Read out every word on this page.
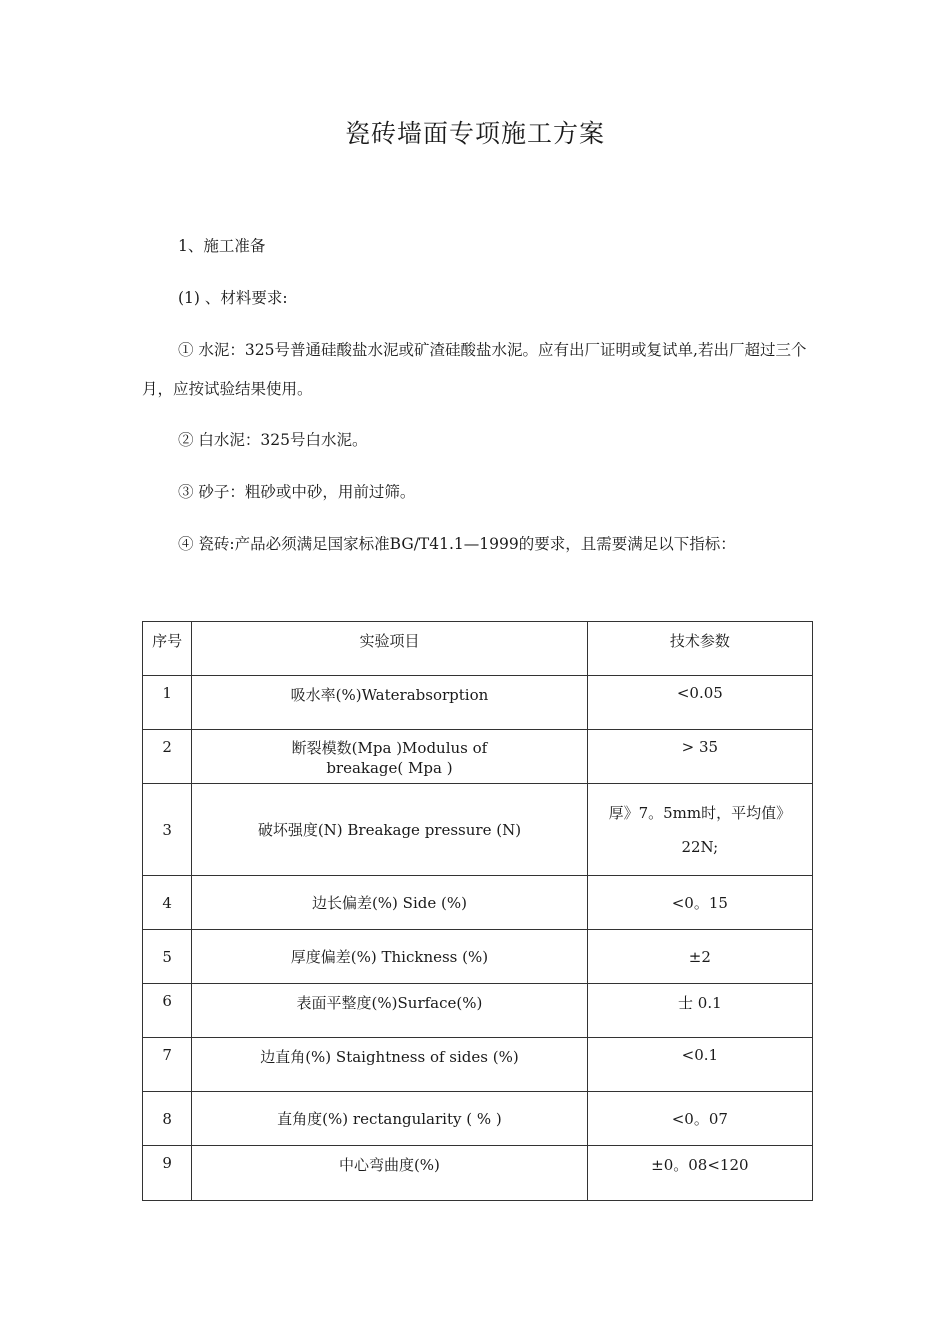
瓷砖墙面专项施工方案
1、施工准备
(1) 、材料要求:
① 水泥：325号普通硅酸盐水泥或矿渣硅酸盐水泥。应有出厂证明或复试单,若出厂超过三个月，应按试验结果使用。
② 白水泥：325号白水泥。
③ 砂子：粗砂或中砂，用前过筛。
④ 瓷砖:产品必须满足国家标准BG/T41.1—1999的要求，且需要满足以下指标：
序号	实验项目	技术参数
1	吸水率(%)Waterabsorption	<0.05
2	断裂模数(Mpa )Modulus of breakage( Mpa )	> 35
3	破坏强度(N) Breakage pressure (N)	厚》7。5mm时，平均值》22N;
4	边长偏差(%) Side (%)	<0。15
5	厚度偏差(%) Thickness (%)	±2
6	表面平整度(%)Surface(%)	士 0.1
7	边直角(%) Staightness of sides (%)	<0.1
8	直角度(%) rectangularity ( % )	<0。07
9	中心弯曲度(%)	±0。08<120
